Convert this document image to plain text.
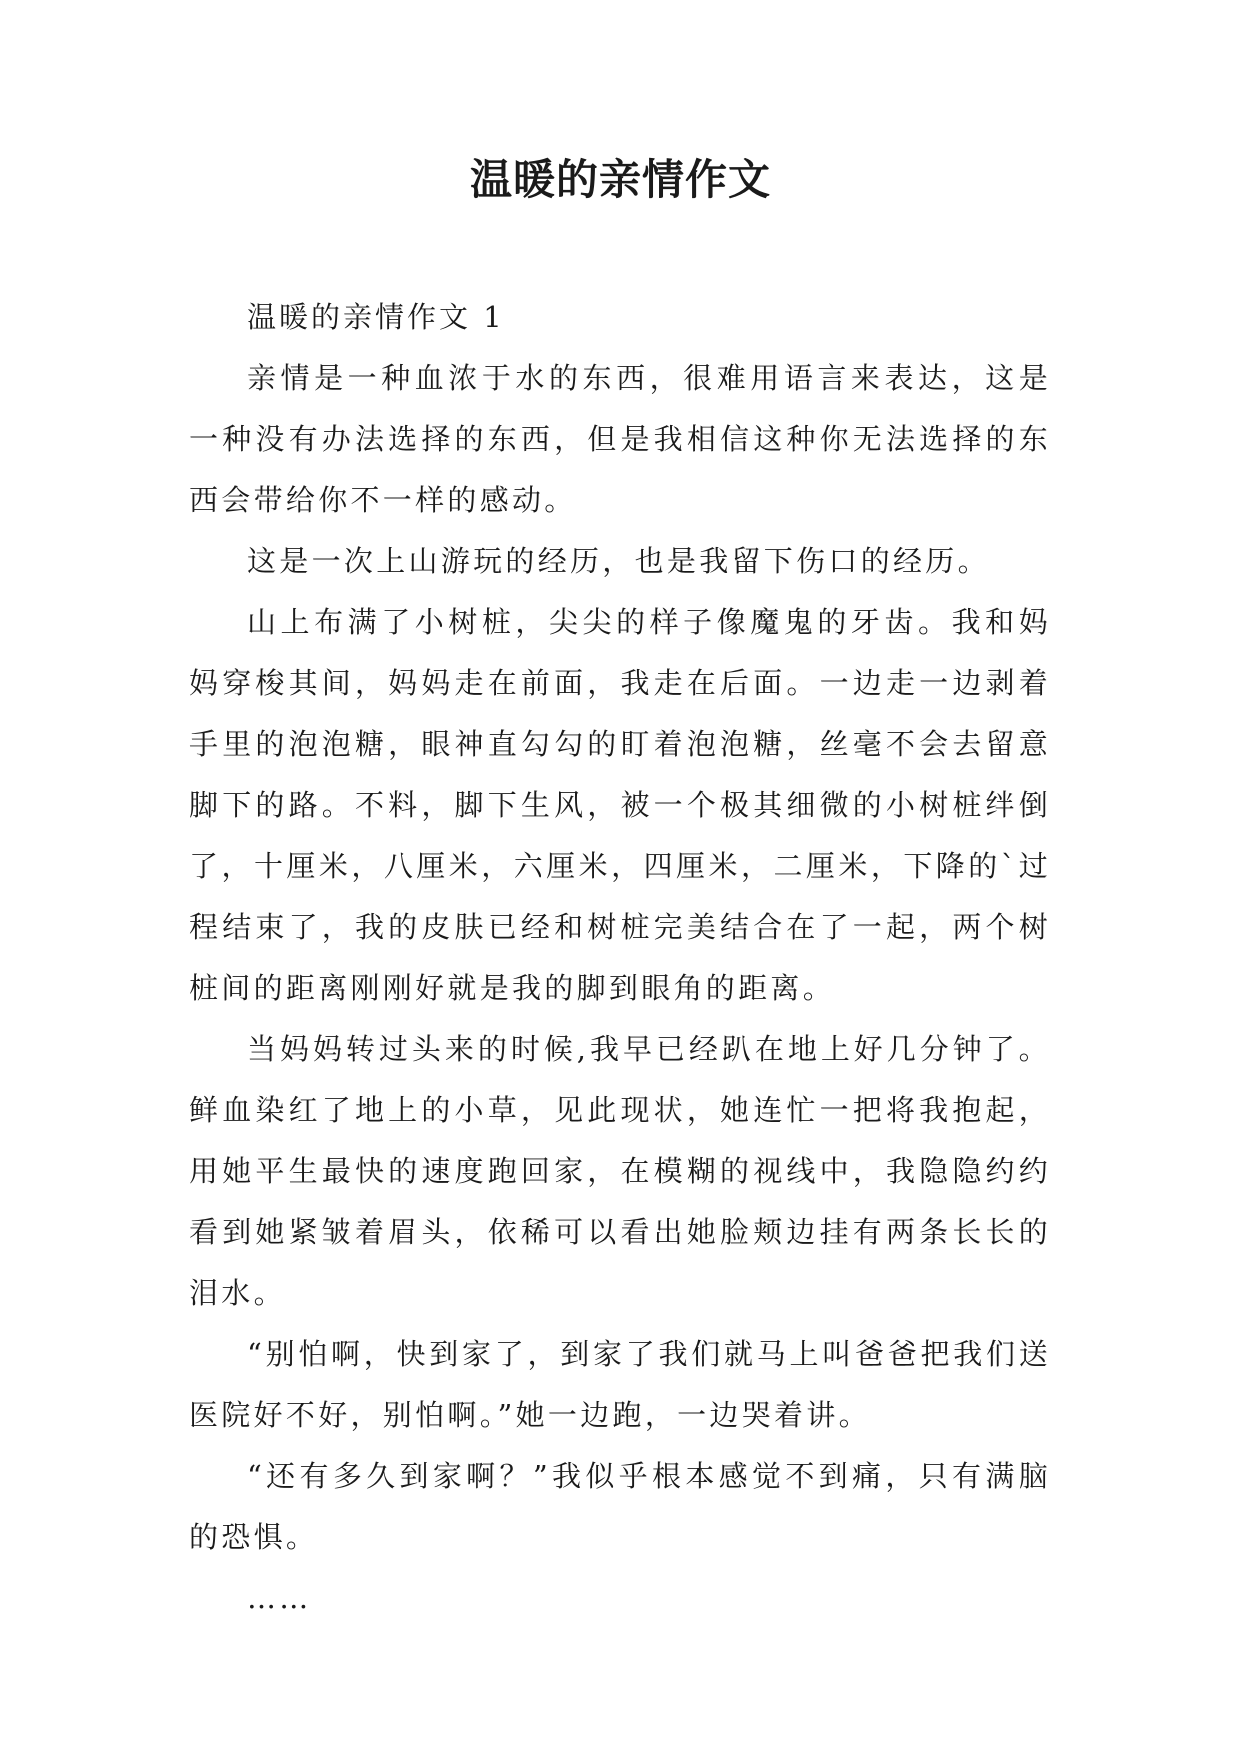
温暖的亲情作文

温暖的亲情作文 1

亲情是一种血浓于水的东西，很难用语言来表达，这是一种没有办法选择的东西，但是我相信这种你无法选择的东西会带给你不一样的感动。

这是一次上山游玩的经历，也是我留下伤口的经历。

山上布满了小树桩，尖尖的样子像魔鬼的牙齿。我和妈妈穿梭其间，妈妈走在前面，我走在后面。一边走一边剥着手里的泡泡糖，眼神直勾勾的盯着泡泡糖，丝毫不会去留意脚下的路。不料，脚下生风，被一个极其细微的小树桩绊倒了，十厘米，八厘米，六厘米，四厘米，二厘米，下降的`过程结束了，我的皮肤已经和树桩完美结合在了一起，两个树桩间的距离刚刚好就是我的脚到眼角的距离。

当妈妈转过头来的时候,我早已经趴在地上好几分钟了。鲜血染红了地上的小草，见此现状，她连忙一把将我抱起，用她平生最快的速度跑回家，在模糊的视线中，我隐隐约约看到她紧皱着眉头，依稀可以看出她脸颊边挂有两条长长的泪水。

“别怕啊，快到家了，到家了我们就马上叫爸爸把我们送医院好不好，别怕啊。”她一边跑，一边哭着讲。

“还有多久到家啊？”我似乎根本感觉不到痛，只有满脑的恐惧。

……
